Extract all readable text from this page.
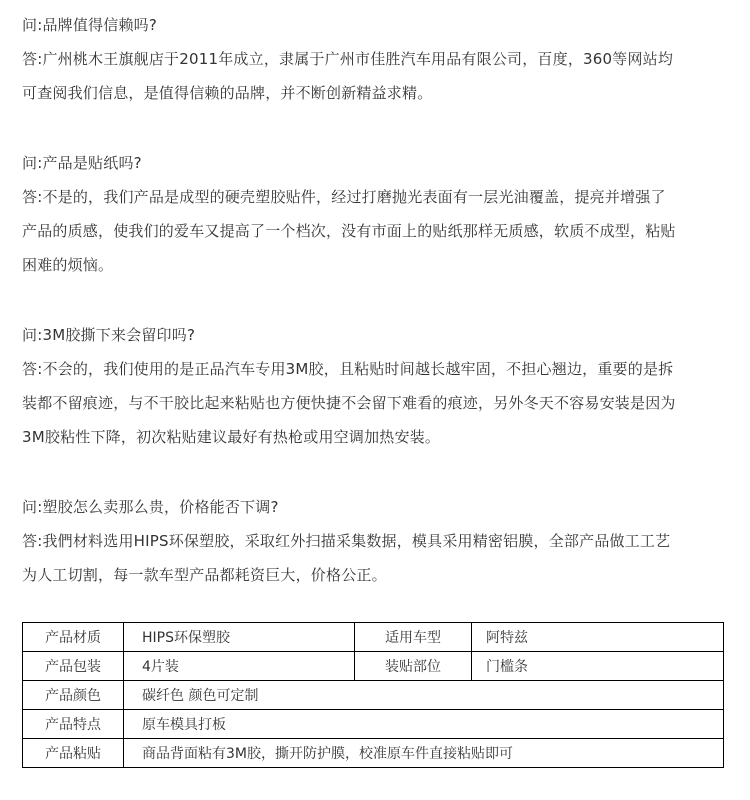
问:品牌值得信赖吗?

答:广州桃木王旗舰店于2011年成立，隶属于广州市佳胜汽车用品有限公司，百度，360等网站均

可查阅我们信息，是值得信赖的品牌，并不断创新精益求精。

问:产品是贴纸吗?

答:不是的，我们产品是成型的硬壳塑胶贴件，经过打磨抛光表面有一层光油覆盖，提亮并增强了

产品的质感，使我们的爱车又提高了一个档次，没有市面上的贴纸那样无质感，软质不成型，粘贴

困难的烦恼。

问:3M胶撕下来会留印吗?

答:不会的，我们使用的是正品汽车专用3M胶，且粘贴时间越长越牢固，不担心翘边，重要的是拆

装都不留痕迹，与不干胶比起来粘贴也方便快捷不会留下难看的痕迹，另外冬天不容易安装是因为

3M胶粘性下降，初次粘贴建议最好有热枪或用空调加热安装。

问:塑胶怎么卖那么贵，价格能否下调?

答:我們材料选用HIPS环保塑胶，采取红外扫描采集数据，模具采用精密铝膜，全部产品做工工艺

为人工切割，每一款车型产品都耗资巨大，价格公正。

产品材质	HIPS环保塑胶	适用车型	阿特兹
产品包装	4片装	装贴部位	门槛条
产品颜色	碳纤色 颜色可定制		
产品特点	原车模具打板		
产品粘贴	商品背面粘有3M胶，撕开防护膜，校准原车件直接粘贴即可		
